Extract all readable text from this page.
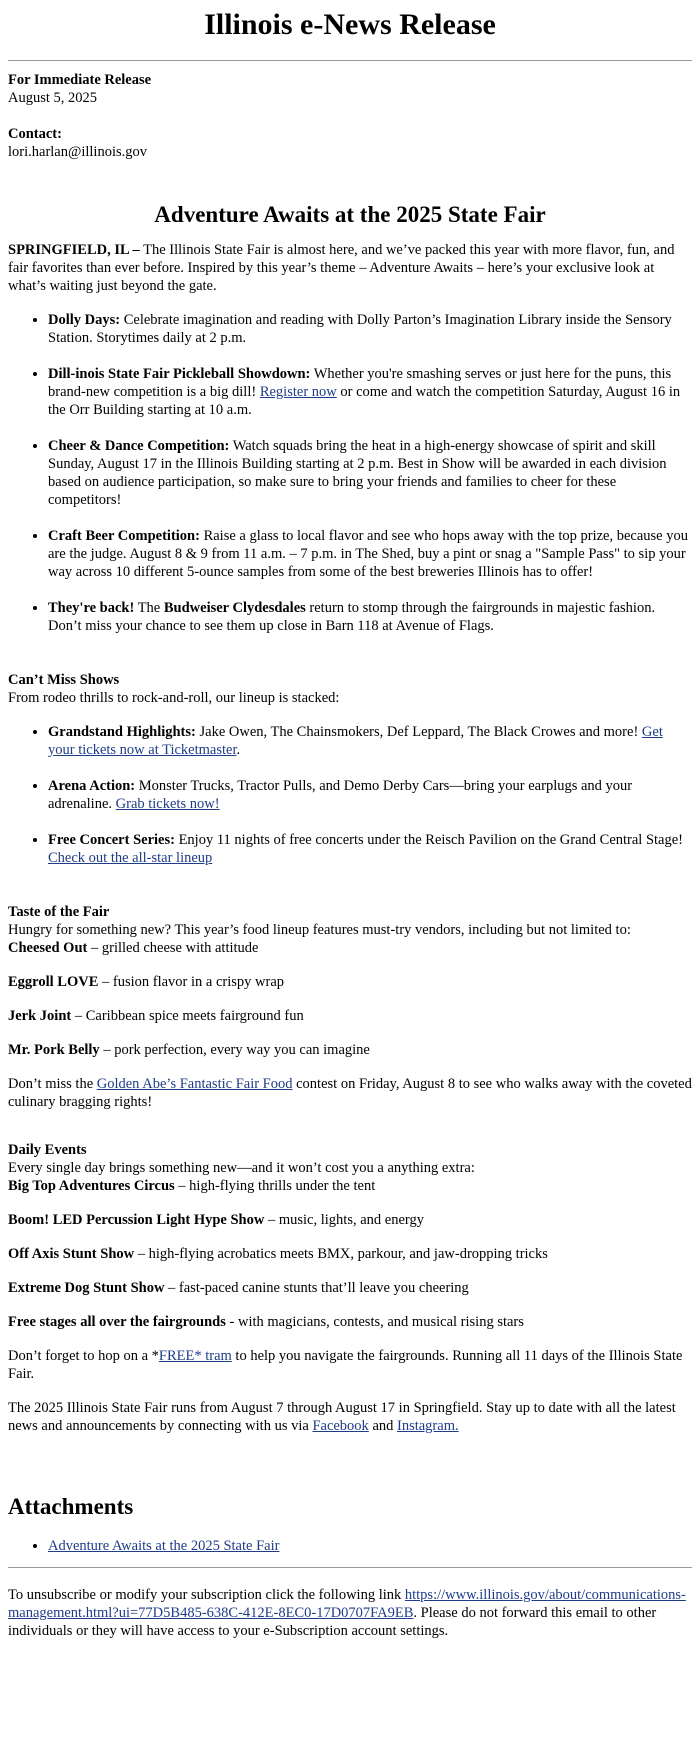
Illinois e-News Release

For Immediate Release

August 5, 2025

Contact:

lori.harlan@illinois.gov

Adventure Awaits at the 2025 State Fair

SPRINGFIELD, IL – The Illinois State Fair is almost here, and we’ve packed this year with more flavor, fun, and fair favorites than ever before. Inspired by this year’s theme – Adventure Awaits – here’s your exclusive look at what’s waiting just beyond the gate.

• Dolly Days: Celebrate imagination and reading with Dolly Parton’s Imagination Library inside the Sensory Station. Storytimes daily at 2 p.m.
• Dill-inois State Fair Pickleball Showdown: Whether you're smashing serves or just here for the puns, this brand-new competition is a big dill! Register now or come and watch the competition Saturday, August 16 in the Orr Building starting at 10 a.m.
• Cheer & Dance Competition: Watch squads bring the heat in a high-energy showcase of spirit and skill Sunday, August 17 in the Illinois Building starting at 2 p.m. Best in Show will be awarded in each division based on audience participation, so make sure to bring your friends and families to cheer for these competitors!
• Craft Beer Competition: Raise a glass to local flavor and see who hops away with the top prize, because you are the judge. August 8 & 9 from 11 a.m. – 7 p.m. in The Shed, buy a pint or snag a "Sample Pass" to sip your way across 10 different 5-ounce samples from some of the best breweries Illinois has to offer!
• They're back! The Budweiser Clydesdales return to stomp through the fairgrounds in majestic fashion. Don’t miss your chance to see them up close in Barn 118 at Avenue of Flags.

Can’t Miss Shows

From rodeo thrills to rock-and-roll, our lineup is stacked:

• Grandstand Highlights: Jake Owen, The Chainsmokers, Def Leppard, The Black Crowes and more! Get your tickets now at Ticketmaster.
• Arena Action: Monster Trucks, Tractor Pulls, and Demo Derby Cars—bring your earplugs and your adrenaline. Grab tickets now!
• Free Concert Series: Enjoy 11 nights of free concerts under the Reisch Pavilion on the Grand Central Stage! Check out the all-star lineup

Taste of the Fair

Hungry for something new? This year’s food lineup features must-try vendors, including but not limited to:

Cheesed Out – grilled cheese with attitude

Eggroll LOVE – fusion flavor in a crispy wrap

Jerk Joint – Caribbean spice meets fairground fun

Mr. Pork Belly – pork perfection, every way you can imagine

Don’t miss the Golden Abe’s Fantastic Fair Food contest on Friday, August 8 to see who walks away with the coveted culinary bragging rights!

Daily Events

Every single day brings something new—and it won’t cost you a anything extra:

Big Top Adventures Circus – high-flying thrills under the tent

Boom! LED Percussion Light Hype Show – music, lights, and energy

Off Axis Stunt Show – high-flying acrobatics meets BMX, parkour, and jaw-dropping tricks

Extreme Dog Stunt Show – fast-paced canine stunts that’ll leave you cheering

Free stages all over the fairgrounds - with magicians, contests, and musical rising stars

Don’t forget to hop on a *FREE* tram to help you navigate the fairgrounds. Running all 11 days of the Illinois State Fair.

The 2025 Illinois State Fair runs from August 7 through August 17 in Springfield. Stay up to date with all the latest news and announcements by connecting with us via Facebook and Instagram.

Attachments
• Adventure Awaits at the 2025 State Fair

To unsubscribe or modify your subscription click the following link https://www.illinois.gov/about/communications-management.html?ui=77D5B485-638C-412E-8EC0-17D0707FA9EB. Please do not forward this email to other individuals or they will have access to your e-Subscription account settings.
